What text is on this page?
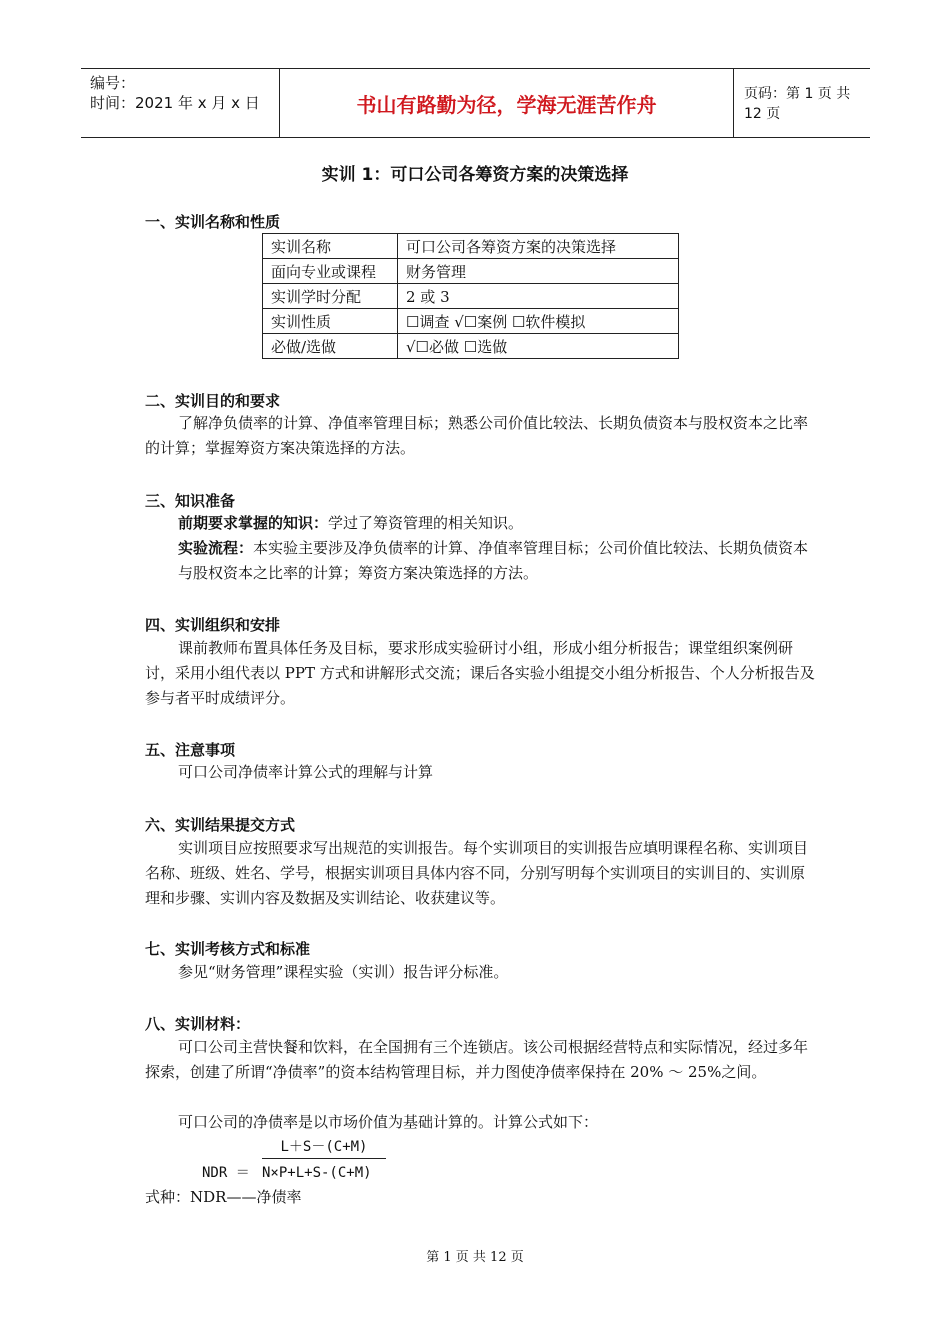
编号：
时间：2021 年 x 月 x 日	书山有路勤为径，学海无涯苦作舟	页码：第 1 页 共 12 页
实训 1：可口公司各筹资方案的决策选择
一、实训名称和性质
实训名称	可口公司各筹资方案的决策选择
面向专业或课程	财务管理
实训学时分配	2 或 3
实训性质	☐调查 √☐案例 ☐软件模拟
必做/选做	√☐必做 ☐选做
二、实训目的和要求
了解净负债率的计算、净值率管理目标；熟悉公司价值比较法、长期负债资本与股权资本之比率的计算；掌握筹资方案决策选择的方法。
三、知识准备
前期要求掌握的知识：学过了筹资管理的相关知识。
实验流程：本实验主要涉及净负债率的计算、净值率管理目标；公司价值比较法、长期负债资本与股权资本之比率的计算；筹资方案决策选择的方法。
四、实训组织和安排
课前教师布置具体任务及目标，要求形成实验研讨小组，形成小组分析报告；课堂组织案例研讨，采用小组代表以 PPT 方式和讲解形式交流；课后各实验小组提交小组分析报告、个人分析报告及参与者平时成绩评分。
五、注意事项
可口公司净债率计算公式的理解与计算
六、实训结果提交方式
实训项目应按照要求写出规范的实训报告。每个实训项目的实训报告应填明课程名称、实训项目名称、班级、姓名、学号，根据实训项目具体内容不同，分别写明每个实训项目的实训目的、实训原理和步骤、实训内容及数据及实训结论、收获建议等。
七、实训考核方式和标准
参见“财务管理”课程实验（实训）报告评分标准。
八、实训材料：
可口公司主营快餐和饮料，在全国拥有三个连锁店。该公司根据经营特点和实际情况，经过多年探索，创建了所谓“净债率”的资本结构管理目标，并力图使净债率保持在 20% ～ 25%之间。
可口公司的净债率是以市场价值为基础计算的。计算公式如下：
L＋S－(C+M)
NDR ＝ N×P+L+S-(C+M)
式种：NDR——净债率
第 1 页 共 12 页
